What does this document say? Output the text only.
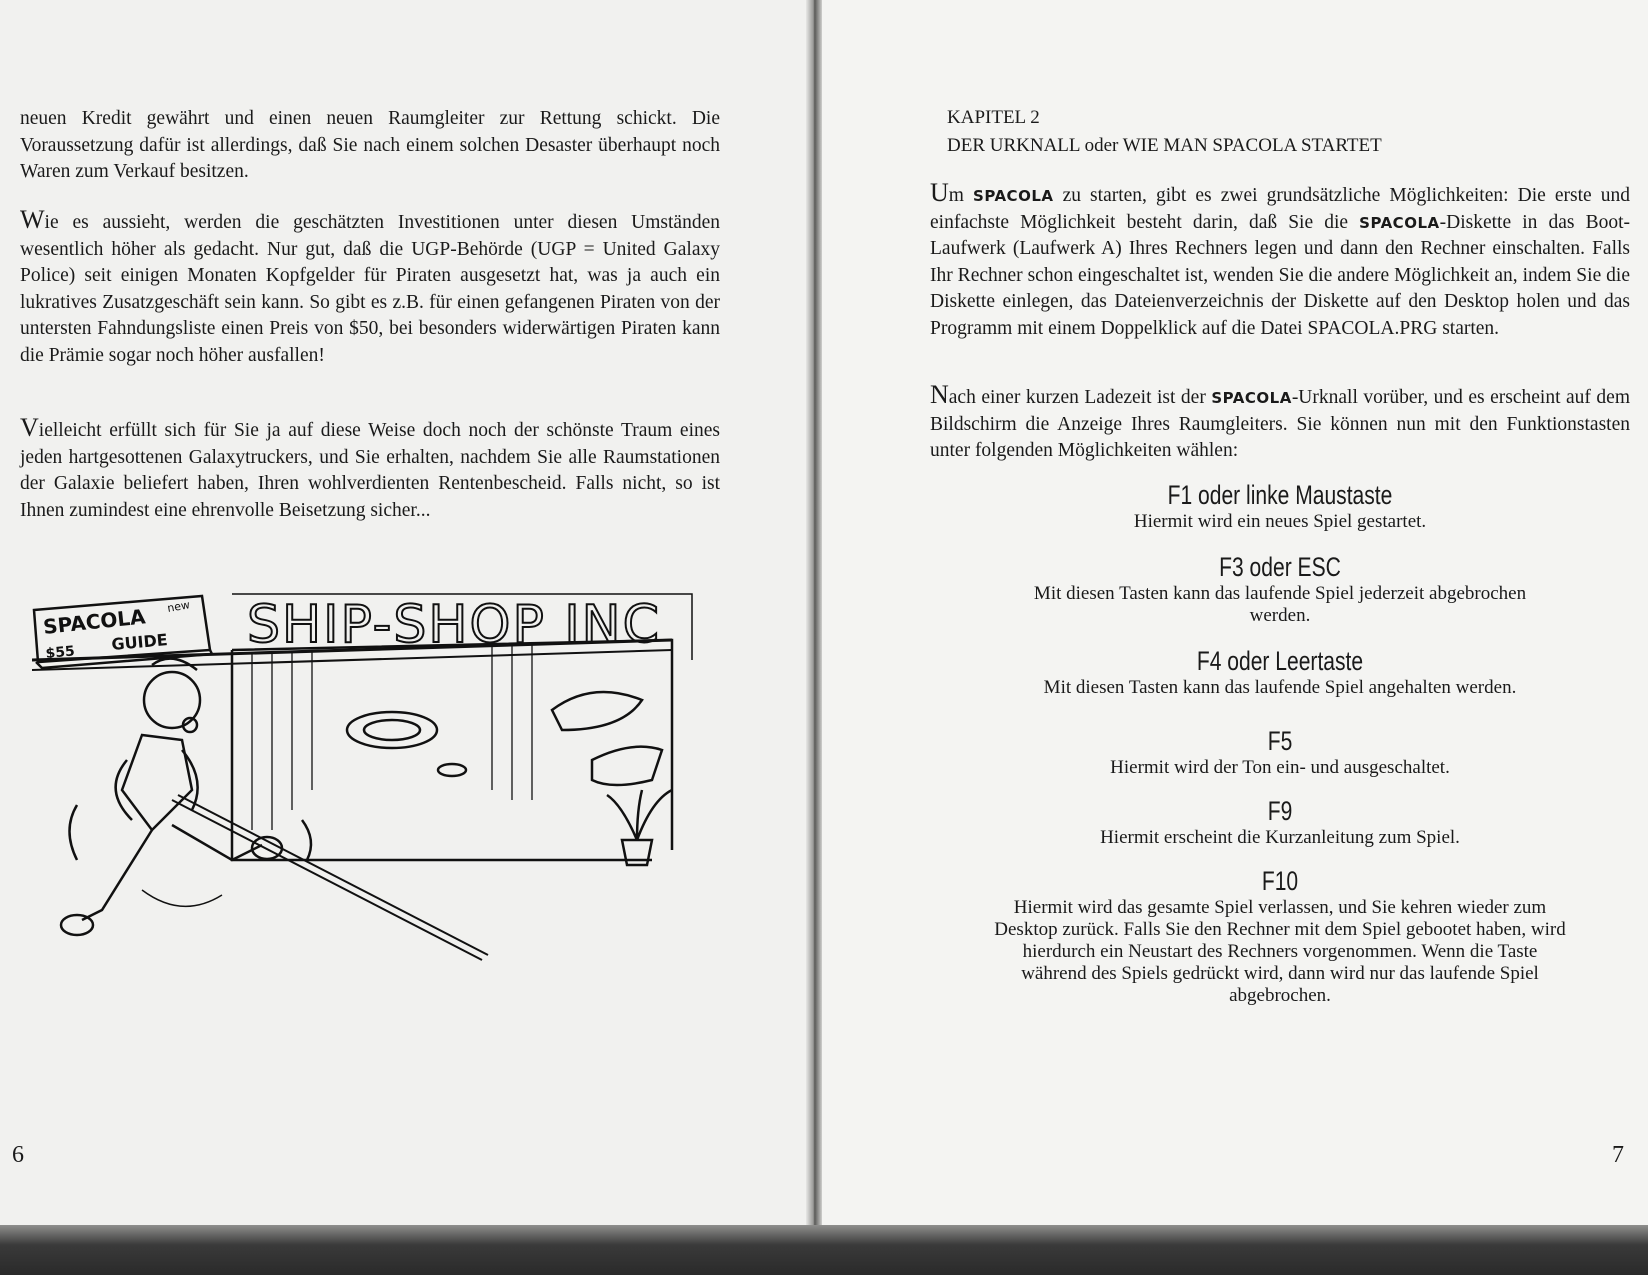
neuen Kredit gewährt und einen neuen Raumgleiter zur Rettung schickt. Die Voraussetzung dafür ist allerdings, daß Sie nach einem solchen Desaster überhaupt noch Waren zum Verkauf besitzen.

Wie es aussieht, werden die geschätzten Investitionen unter diesen Umständen wesentlich höher als gedacht. Nur gut, daß die UGP-Behörde (UGP = United Galaxy Police) seit einigen Monaten Kopfgelder für Piraten ausgesetzt hat, was ja auch ein lukratives Zusatzgeschäft sein kann. So gibt es z.B. für einen gefangenen Piraten von der untersten Fahndungsliste einen Preis von $50, bei besonders widerwärtigen Piraten kann die Prämie sogar noch höher ausfallen!

Vielleicht erfüllt sich für Sie ja auf diese Weise doch noch der schönste Traum eines jeden hartgesottenen Galaxytruckers, und Sie erhalten, nachdem Sie alle Raumstationen der Galaxie beliefert haben, Ihren wohlverdienten Rentenbescheid. Falls nicht, so ist Ihnen zumindest eine ehrenvolle Beisetzung sicher...

SPACOLA
GUIDE
$55
new SHIP-SHOP INC
6
KAPITEL 2
DER URKNALL oder WIE MAN SPACOLA STARTET

Um SPACOLA zu starten, gibt es zwei grundsätzliche Möglichkeiten: Die erste und einfachste Möglichkeit besteht darin, daß Sie die SPACOLA-Diskette in das Boot-Laufwerk (Laufwerk A) Ihres Rechners legen und dann den Rechner einschalten. Falls Ihr Rechner schon eingeschaltet ist, wenden Sie die andere Möglichkeit an, indem Sie die Diskette einlegen, das Dateienverzeichnis der Diskette auf den Desktop holen und das Programm mit einem Doppelklick auf die Datei SPACOLA.PRG starten.

Nach einer kurzen Ladezeit ist der SPACOLA-Urknall vorüber, und es erscheint auf dem Bildschirm die Anzeige Ihres Raumgleiters. Sie können nun mit den Funktionstasten unter folgenden Möglichkeiten wählen:

F1 oder linke Maustaste
Hiermit wird ein neues Spiel gestartet.
F3 oder ESC
Mit diesen Tasten kann das laufende Spiel jederzeit abgebrochen werden.
F4 oder Leertaste
Mit diesen Tasten kann das laufende Spiel angehalten werden.
F5
Hiermit wird der Ton ein- und ausgeschaltet.
F9
Hiermit erscheint die Kurzanleitung zum Spiel.
F10
Hiermit wird das gesamte Spiel verlassen, und Sie kehren wieder zum Desktop zurück. Falls Sie den Rechner mit dem Spiel gebootet haben, wird hierdurch ein Neustart des Rechners vorgenommen. Wenn die Taste während des Spiels gedrückt wird, dann wird nur das laufende Spiel abgebrochen.
7
